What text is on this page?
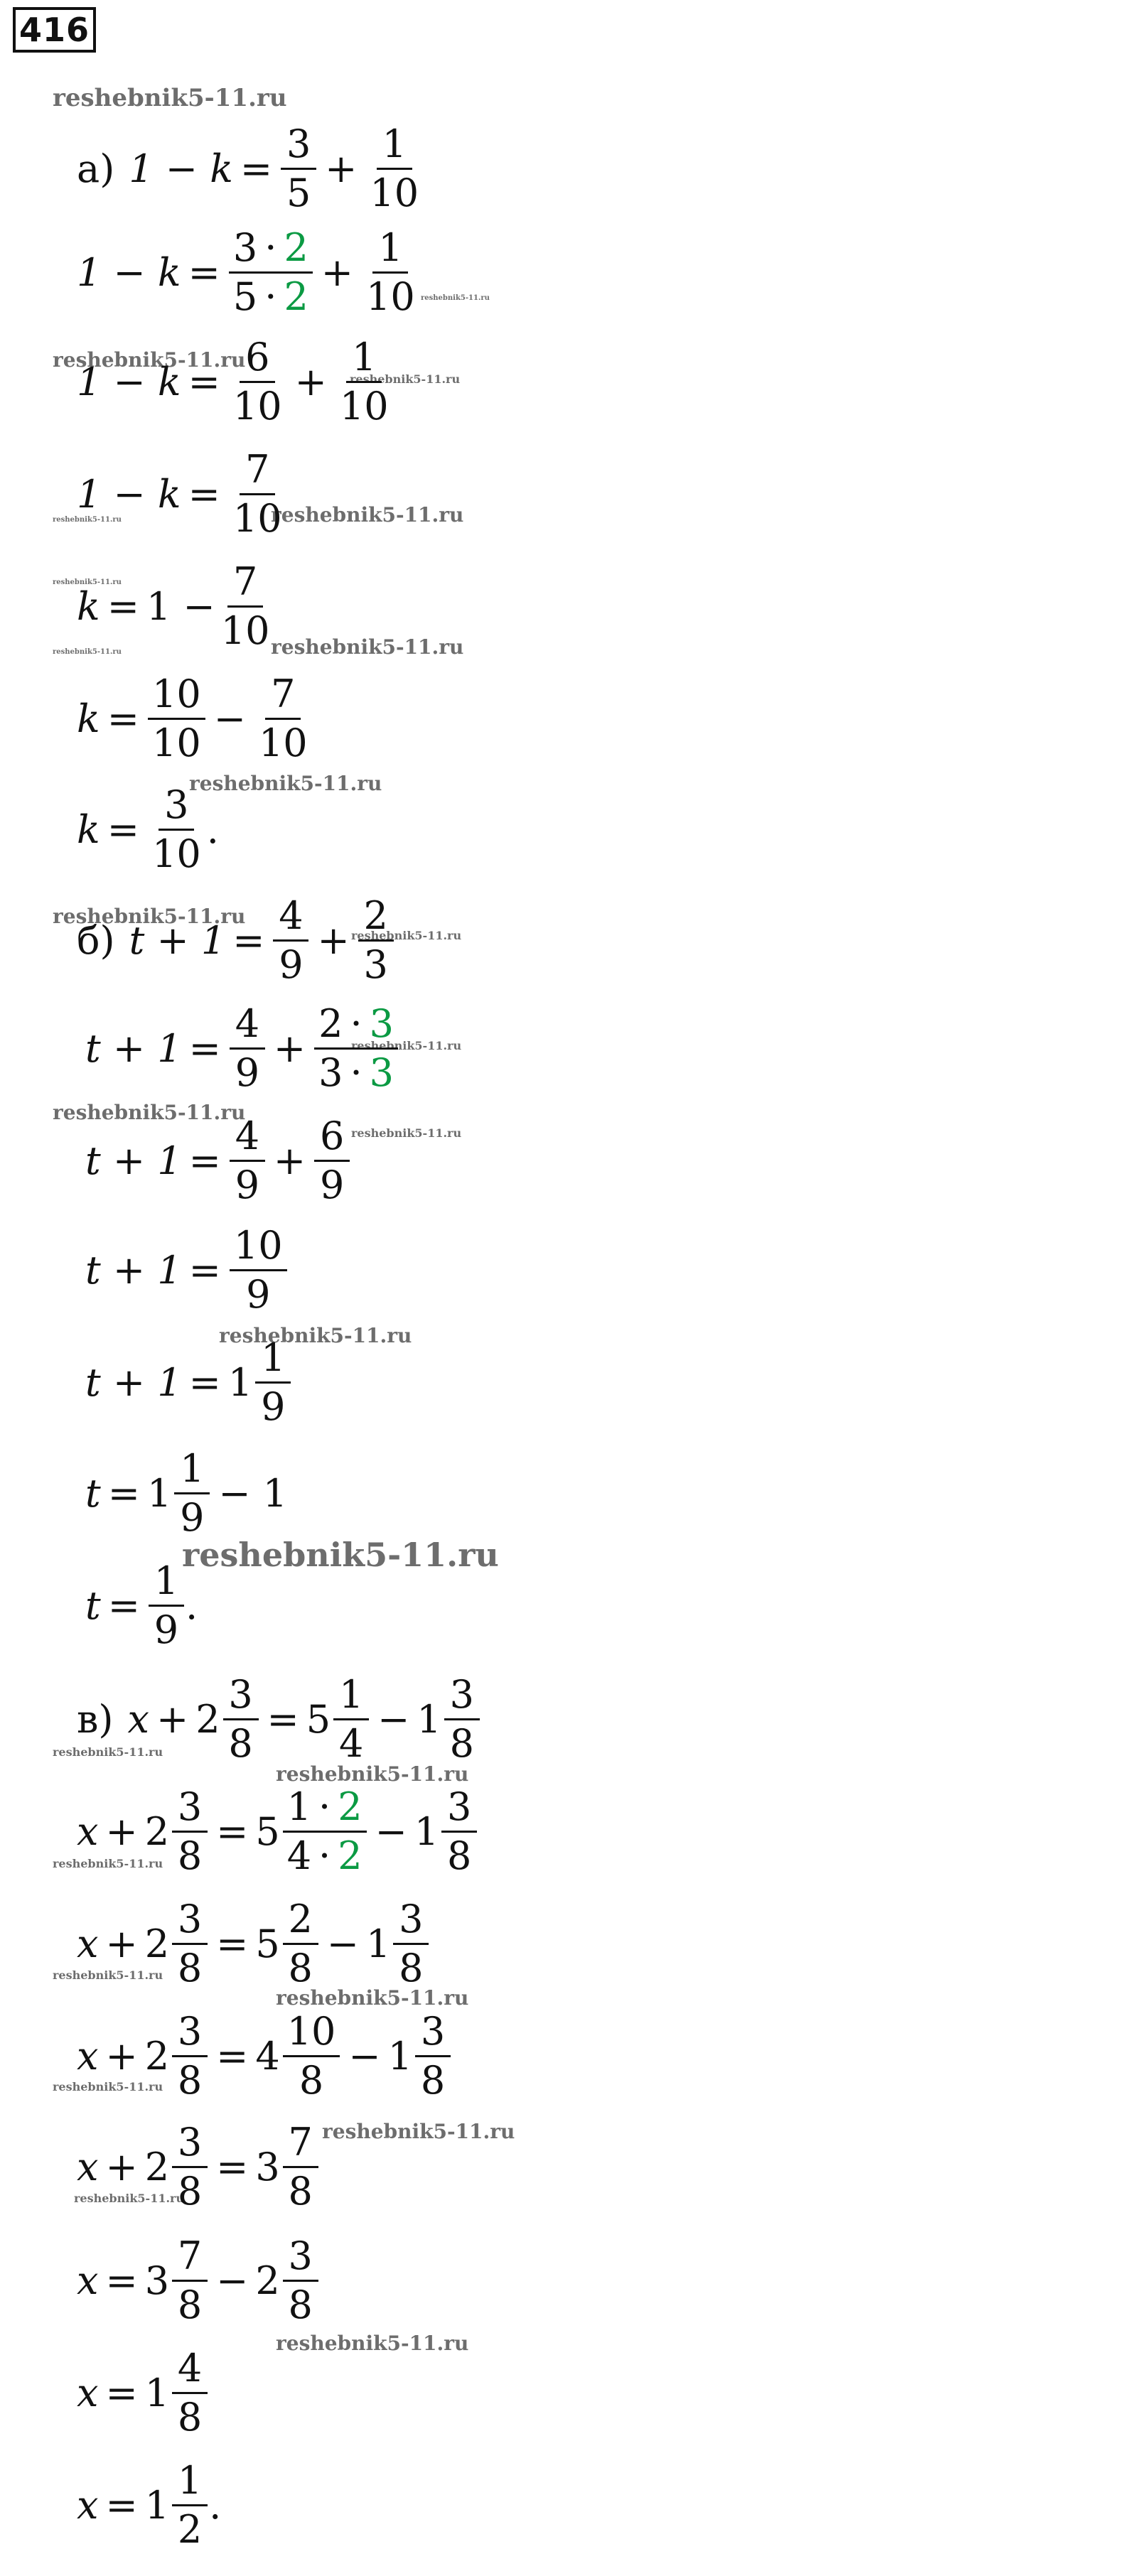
416
reshebnik5-11.ru
reshebnik5-11.ru
reshebnik5-11.ru
reshebnik5-11.ru
reshebnik5-11.ru	reshebnik5-11.ru
reshebnik5-11.ru
reshebnik5-11.ru	reshebnik5-11.ru
reshebnik5-11.ru
reshebnik5-11.ru
reshebnik5-11.ru
reshebnik5-11.ru
reshebnik5-11.ru
reshebnik5-11.ru
reshebnik5-11.ru
reshebnik5-11.ru
reshebnik5-11.ru
reshebnik5-11.ru
reshebnik5-11.ru
reshebnik5-11.ru
reshebnik5-11.ru
reshebnik5-11.ru
reshebnik5-11.ru
reshebnik5-11.ru
reshebnik5-11.ru
а) $1 - k = \frac{3}{5} + \frac{1}{10}$
$1 - k = \frac{3 \cdot 2}{5 \cdot 2} + \frac{1}{10}$
$1 - k = \frac{6}{10} + \frac{1}{10}$
$1 - k = \frac{7}{10}$
$k = 1 - \frac{7}{10}$
$k = \frac{10}{10} - \frac{7}{10}$
$k = \frac{3}{10}$ .
б) $t + 1 = \frac{4}{9} + \frac{2}{3}$
$t + 1 = \frac{4}{9} + \frac{2 \cdot 3}{3 \cdot 3}$
$t + 1 = \frac{4}{9} + \frac{6}{9}$
$t + 1 = \frac{10}{9}$
$t + 1 = 1 \frac{1}{9}$
$t = 1 \frac{1}{9} - 1$
$t = \frac{1}{9}$ .
в) $x + 2 \frac{3}{8} = 5 \frac{1}{4} - 1 \frac{3}{8}$
$x + 2 \frac{3}{8} = 5 \frac{1 \cdot 2}{4 \cdot 2} - 1 \frac{3}{8}$
$x + 2 \frac{3}{8} = 5 \frac{2}{8} - 1 \frac{3}{8}$
$x + 2 \frac{3}{8} = 4 \frac{10}{8} - 1 \frac{3}{8}$
$x + 2 \frac{3}{8} = 3 \frac{7}{8}$
$x = 3 \frac{7}{8} - 2 \frac{3}{8}$
$x = 1 \frac{4}{8}$
$x = 1 \frac{1}{2}$ .
